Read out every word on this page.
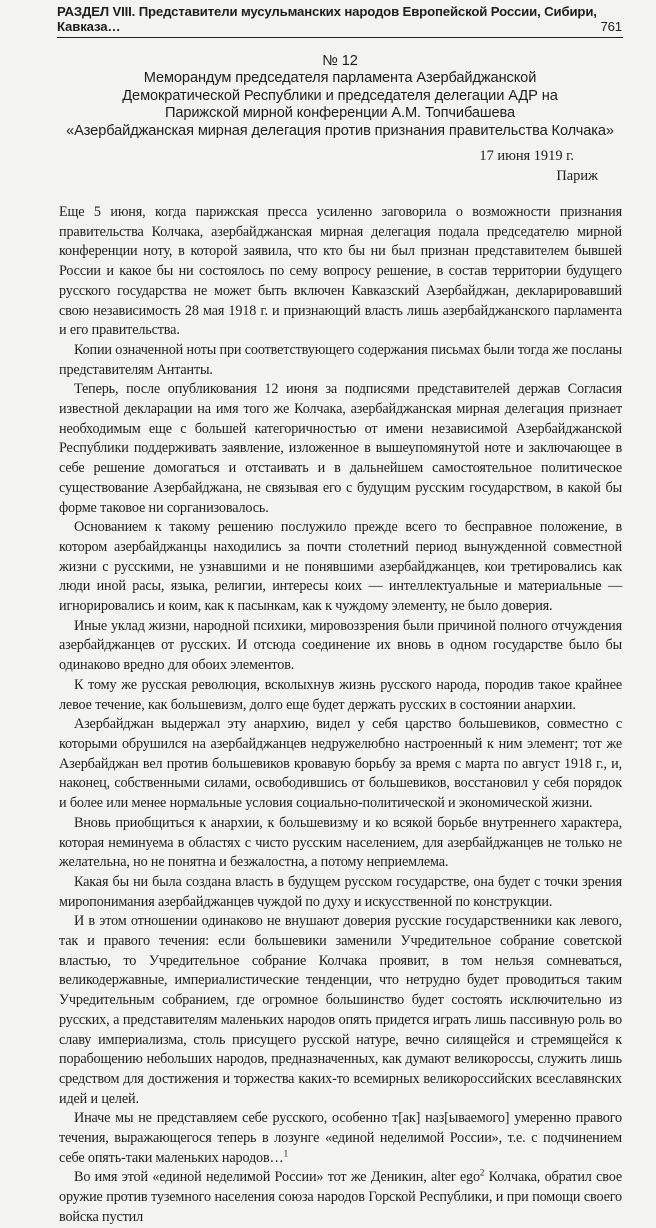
РАЗДЕЛ VIII. Представители мусульманских народов Европейской России, Сибири, Кавказа…	761
№ 12
Меморандум председателя парламента Азербайджанской
Демократической Республики и председателя делегации АДР на
Парижской мирной конференции А.М. Топчибашева
«Азербайджанская мирная делегация против признания правительства Колчака»
17 июня 1919 г.
Париж

Еще 5 июня, когда парижская пресса усиленно заговорила о возможности признания правительства Колчака, азербайджанская мирная делегация подала председателю мирной конференции ноту, в которой заявила, что кто бы ни был признан представителем бывшей России и какое бы ни состоялось по сему вопросу решение, в состав территории будущего русского государства не может быть включен Кавказский Азербайджан, декларировавший свою независимость 28 мая 1918 г. и признающий власть лишь азербайджанского парламента и его правительства.

Копии означенной ноты при соответствующего содержания письмах были тогда же посланы представителям Антанты.

Теперь, после опубликования 12 июня за подписями представителей держав Согласия известной декларации на имя того же Колчака, азербайджанская мирная делегация признает необходимым еще с большей категоричностью от имени независимой Азербайджанской Республики поддерживать заявление, изложенное в вышеупомянутой ноте и заключающее в себе решение домогаться и отстаивать и в дальнейшем самостоятельное политическое существование Азербайджана, не связывая его с будущим русским государством, в какой бы форме таковое ни сорганизовалось.

Основанием к такому решению послужило прежде всего то бесправное положение, в котором азербайджанцы находились за почти столетний период вынужденной совместной жизни с русскими, не узнавшими и не понявшими азербайджанцев, кои третировались как люди иной расы, языка, религии, интересы коих — интеллектуальные и материальные — игнорировались и коим, как к пасынкам, как к чуждому элементу, не было доверия.

Иные уклад жизни, народной психики, мировоззрения были причиной полного отчуждения азербайджанцев от русских. И отсюда соединение их вновь в одном государстве было бы одинаково вредно для обоих элементов.

К тому же русская революция, всколыхнув жизнь русского народа, породив такое крайнее левое течение, как большевизм, долго еще будет держать русских в состоянии анархии.

Азербайджан выдержал эту анархию, видел у себя царство большевиков, совместно с которыми обрушился на азербайджанцев недружелюбно настроенный к ним элемент; тот же Азербайджан вел против большевиков кровавую борьбу за время с марта по август 1918 г., и, наконец, собственными силами, освободившись от большевиков, восстановил у себя порядок и более или менее нормальные условия социально-политической и экономической жизни.

Вновь приобщиться к анархии, к большевизму и ко всякой борьбе внутреннего характера, которая неминуема в областях с чисто русским населением, для азербайджанцев не только не желательна, но не понятна и безжалостна, а потому неприемлема.

Какая бы ни была создана власть в будущем русском государстве, она будет с точки зрения миропонимания азербайджанцев чуждой по духу и искусственной по конструкции.

И в этом отношении одинаково не внушают доверия русские государственники как левого, так и правого течения: если большевики заменили Учредительное собрание советской властью, то Учредительное собрание Колчака проявит, в том нельзя сомневаться, великодержавные, империалистические тенденции, что нетрудно будет проводиться таким Учредительным собранием, где огромное большинство будет состоять исключительно из русских, а представителям маленьких народов опять придется играть лишь пассивную роль во славу империализма, столь присущего русской натуре, вечно силящейся и стремящейся к порабощению небольших народов, предназначенных, как думают великороссы, служить лишь средством для достижения и торжества каких-то всемирных великороссийских всеславянских идей и целей.

Иначе мы не представляем себе русского, особенно т[ак] наз[ываемого] умеренно правого течения, выражающегося теперь в лозунге «единой неделимой России», т.е. с подчинением себе опять-таки маленьких народов…$^1$

Во имя этой «единой неделимой России» тот же Деникин, alter ego$^2$ Колчака, обратил свое оружие против туземного населения союза народов Горской Республики, и при помощи своего войска пустил
